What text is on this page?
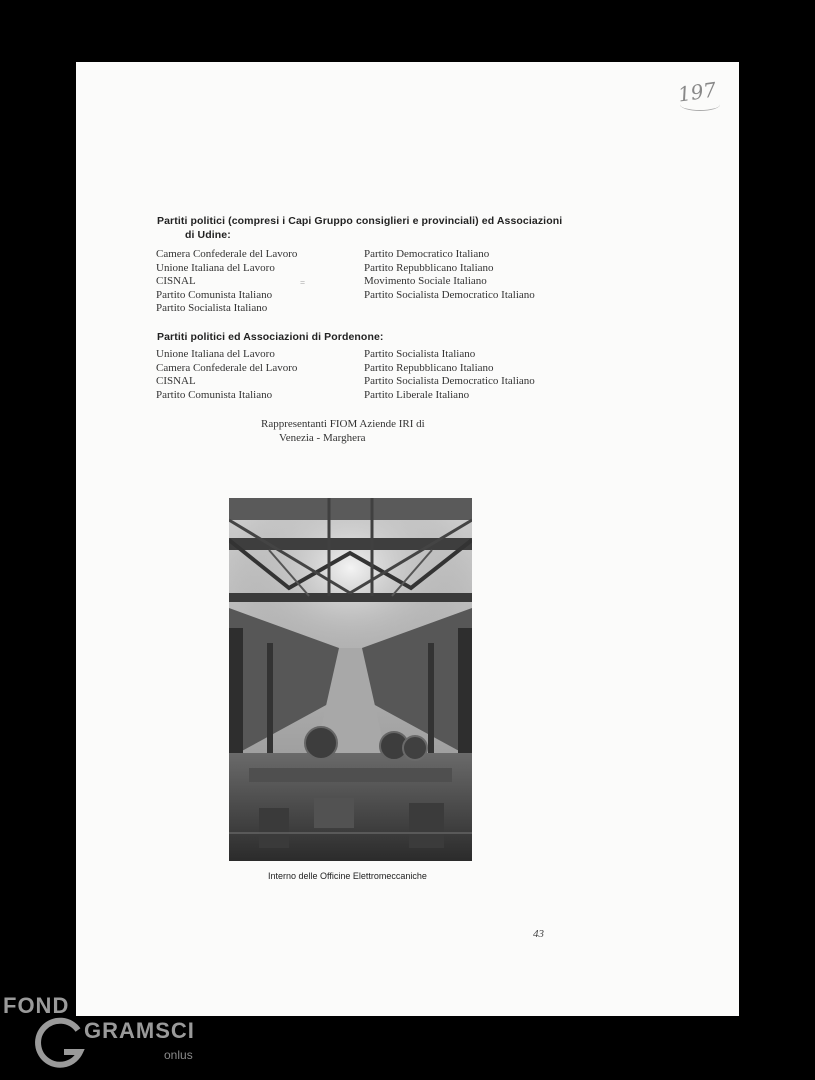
197
Partiti politici (compresi i Capi Gruppo consiglieri e provinciali) ed Associazioni
di Udine:
Camera Confederale del Lavoro
Unione Italiana del Lavoro
CISNAL
Partito Comunista Italiano
Partito Socialista Italiano
=
Partito Democratico Italiano
Partito Repubblicano Italiano
Movimento Sociale Italiano
Partito Socialista Democratico Italiano
Partiti politici ed Associazioni di Pordenone:
Unione Italiana del Lavoro
Camera Confederale del Lavoro
CISNAL
Partito Comunista Italiano
Partito Socialista Italiano
Partito Repubblicano Italiano
Partito Socialista Democratico Italiano
Partito Liberale Italiano
Rappresentanti FIOM Aziende IRI di
Venezia - Marghera
Interno delle Officine Elettromeccaniche
43
FOND
GRAMSCI
onlus
